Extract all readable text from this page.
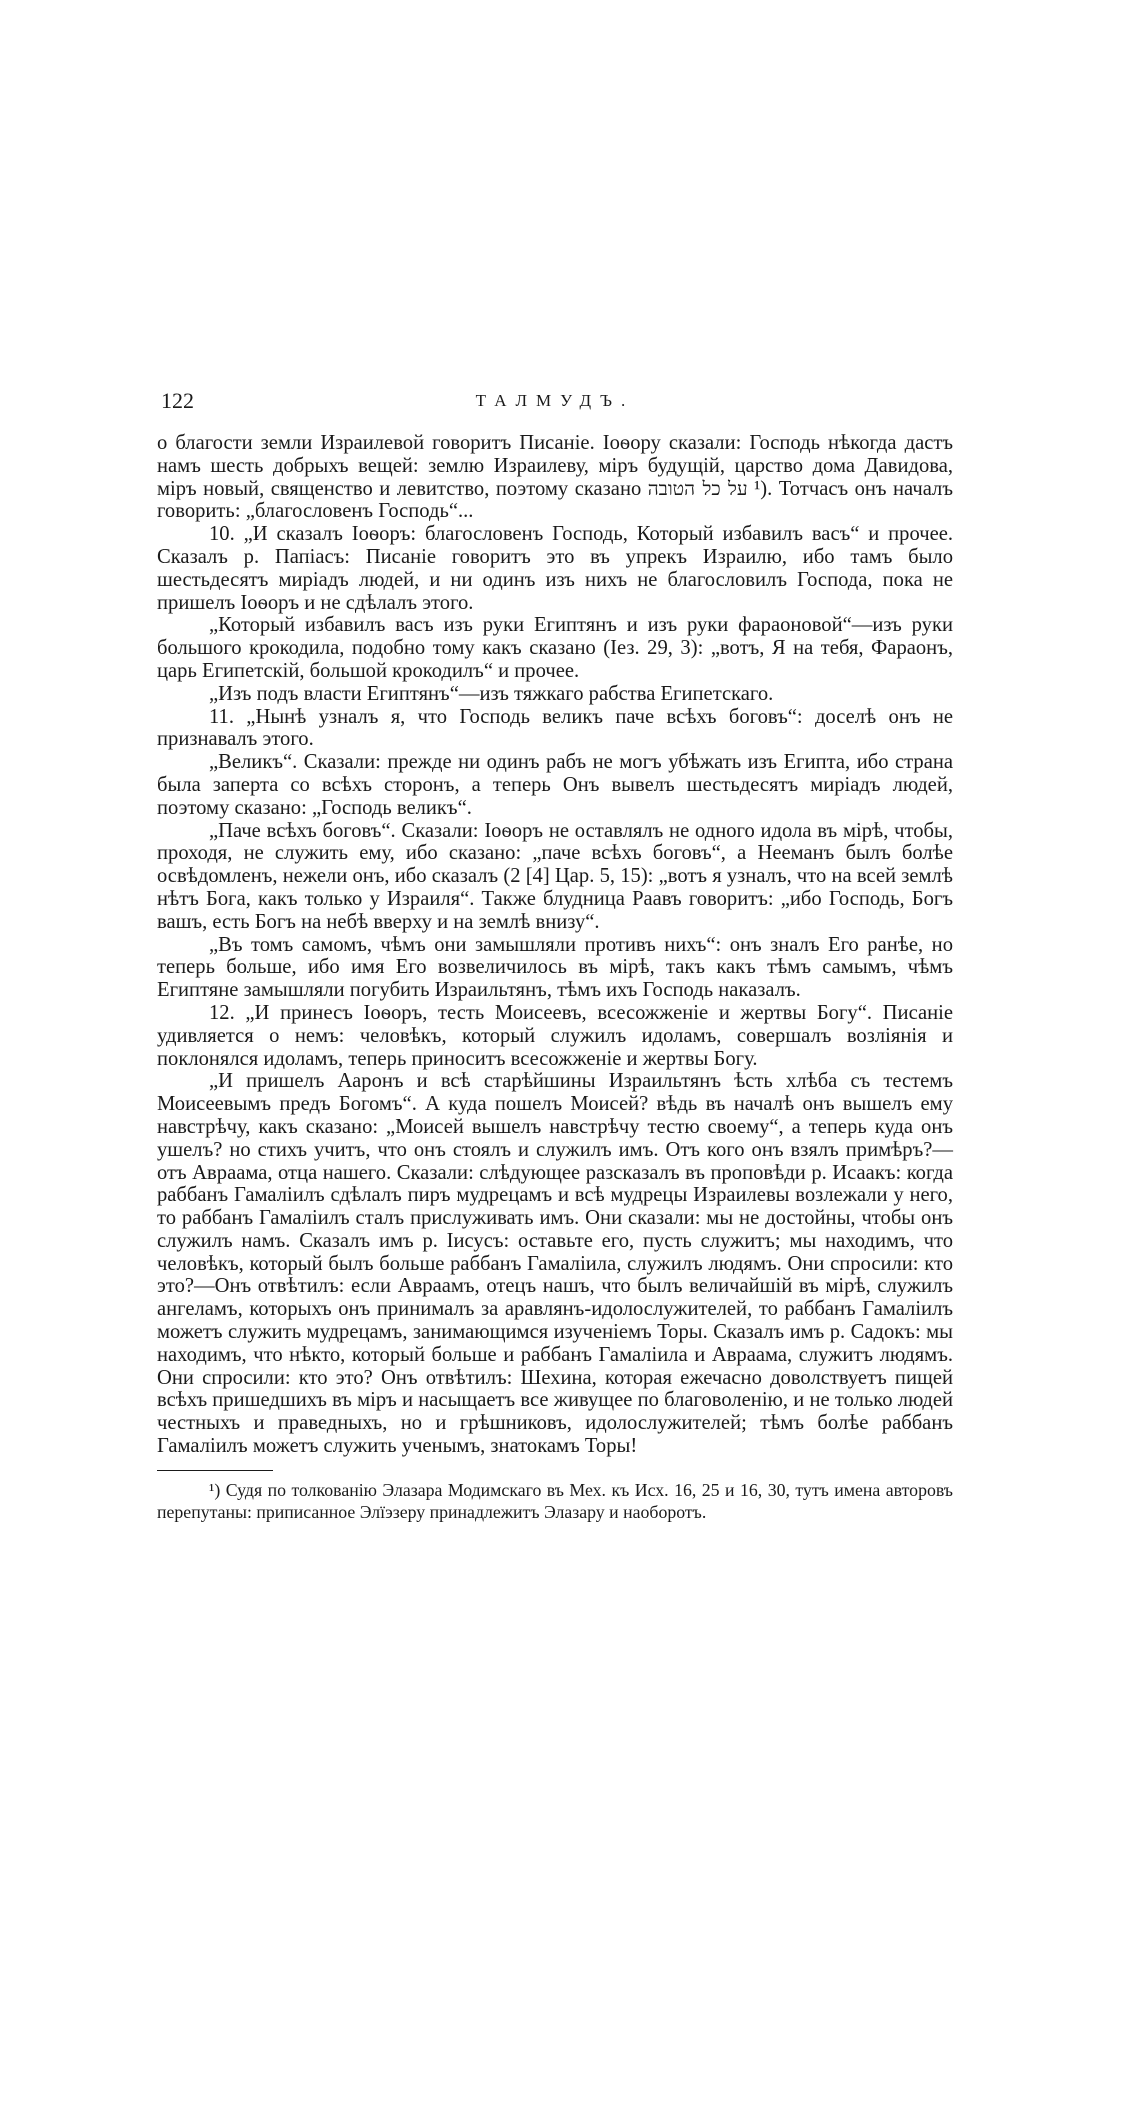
122	ТАЛМУДЪ.

о благости земли Израилевой говоритъ Писаніе. Іоѳору сказали: Господь нѣкогда дастъ намъ шесть добрыхъ вещей: землю Израилеву, міръ будущій, царство дома Давидова, міръ новый, священство и левитство, поэтому сказано על כל הטובה ¹). Тотчасъ онъ началъ говорить: „благословенъ Господь“...

10. „И сказалъ Іоѳоръ: благословенъ Господь, Который избавилъ васъ“ и прочее. Сказалъ р. Папіасъ: Писаніе говоритъ это въ упрекъ Израилю, ибо тамъ было шестьдесятъ миріадъ людей, и ни одинъ изъ нихъ не благословилъ Господа, пока не пришелъ Іоѳоръ и не сдѣлалъ этого.

„Который избавилъ васъ изъ руки Египтянъ и изъ руки фараоновой“—изъ руки большого крокодила, подобно тому какъ сказано (Іез. 29, 3): „вотъ, Я на тебя, Фараонъ, царь Египетскій, большой крокодилъ“ и прочее.

„Изъ подъ власти Египтянъ“—изъ тяжкаго рабства Египетскаго.

11. „Нынѣ узналъ я, что Господь великъ паче всѣхъ боговъ“: доселѣ онъ не признавалъ этого.

„Великъ“. Сказали: прежде ни одинъ рабъ не могъ убѣжать изъ Египта, ибо страна была заперта со всѣхъ сторонъ, а теперь Онъ вывелъ шестьдесятъ миріадъ людей, поэтому сказано: „Господь великъ“.

„Паче всѣхъ боговъ“. Сказали: Іоѳоръ не оставлялъ не одного идола въ мірѣ, чтобы, проходя, не служить ему, ибо сказано: „паче всѣхъ боговъ“, а Нееманъ былъ болѣе освѣдомленъ, нежели онъ, ибо сказалъ (2 [4] Цар. 5, 15): „вотъ я узналъ, что на всей землѣ нѣтъ Бога, какъ только у Израиля“. Также блудница Раавъ говоритъ: „ибо Господь, Богъ вашъ, есть Богъ на небѣ вверху и на землѣ внизу“.

„Въ томъ самомъ, чѣмъ они замышляли противъ нихъ“: онъ зналъ Его ранѣе, но теперь больше, ибо имя Его возвеличилось въ мірѣ, такъ какъ тѣмъ самымъ, чѣмъ Египтяне замышляли погубить Израильтянъ, тѣмъ ихъ Господь наказалъ.

12. „И принесъ Іоѳоръ, тесть Моисеевъ, всесожженіе и жертвы Богу“. Писаніе удивляется о немъ: человѣкъ, который служилъ идоламъ, совершалъ возліянія и поклонялся идоламъ, теперь приноситъ всесожженіе и жертвы Богу.

„И пришелъ Ааронъ и всѣ старѣйшины Израильтянъ ѣсть хлѣба съ тестемъ Моисеевымъ предъ Богомъ“. А куда пошелъ Моисей? вѣдь въ началѣ онъ вышелъ ему навстрѣчу, какъ сказано: „Моисей вышелъ навстрѣчу тестю своему“, а теперь куда онъ ушелъ? но стихъ учитъ, что онъ стоялъ и служилъ имъ. Отъ кого онъ взялъ примѣръ?—отъ Авраама, отца нашего. Сказали: слѣдующее разсказалъ въ проповѣди р. Исаакъ: когда раббанъ Гамаліилъ сдѣлалъ пиръ мудрецамъ и всѣ мудрецы Израилевы возлежали у него, то раббанъ Гамаліилъ сталъ прислуживать имъ. Они сказали: мы не достойны, чтобы онъ служилъ намъ. Сказалъ имъ р. Іисусъ: оставьте его, пусть служитъ; мы находимъ, что человѣкъ, который былъ больше раббанъ Гамаліила, служилъ людямъ. Они спросили: кто это?—Онъ отвѣтилъ: если Авраамъ, отецъ нашъ, что былъ величайшій въ мірѣ, служилъ ангеламъ, которыхъ онъ принималъ за аравлянъ-идолослужителей, то раббанъ Гамаліилъ можетъ служить мудрецамъ, занимающимся изученіемъ Торы. Сказалъ имъ р. Садокъ: мы находимъ, что нѣкто, который больше и раббанъ Гамаліила и Авраама, служитъ людямъ. Они спросили: кто это? Онъ отвѣтилъ: Шехина, которая ежечасно доволствуетъ пищей всѣхъ пришедшихъ въ міръ и насыщаетъ все живущее по благоволенію, и не только людей честныхъ и праведныхъ, но и грѣшниковъ, идолослужителей; тѣмъ болѣе раббанъ Гамаліилъ можетъ служить ученымъ, знатокамъ Торы!

¹) Судя по толкованію Элазара Модимскаго въ Мех. къ Исх. 16, 25 и 16, 30, тутъ имена авторовъ перепутаны: приписанное Элїэзеру принадлежитъ Элазару и наоборотъ.
